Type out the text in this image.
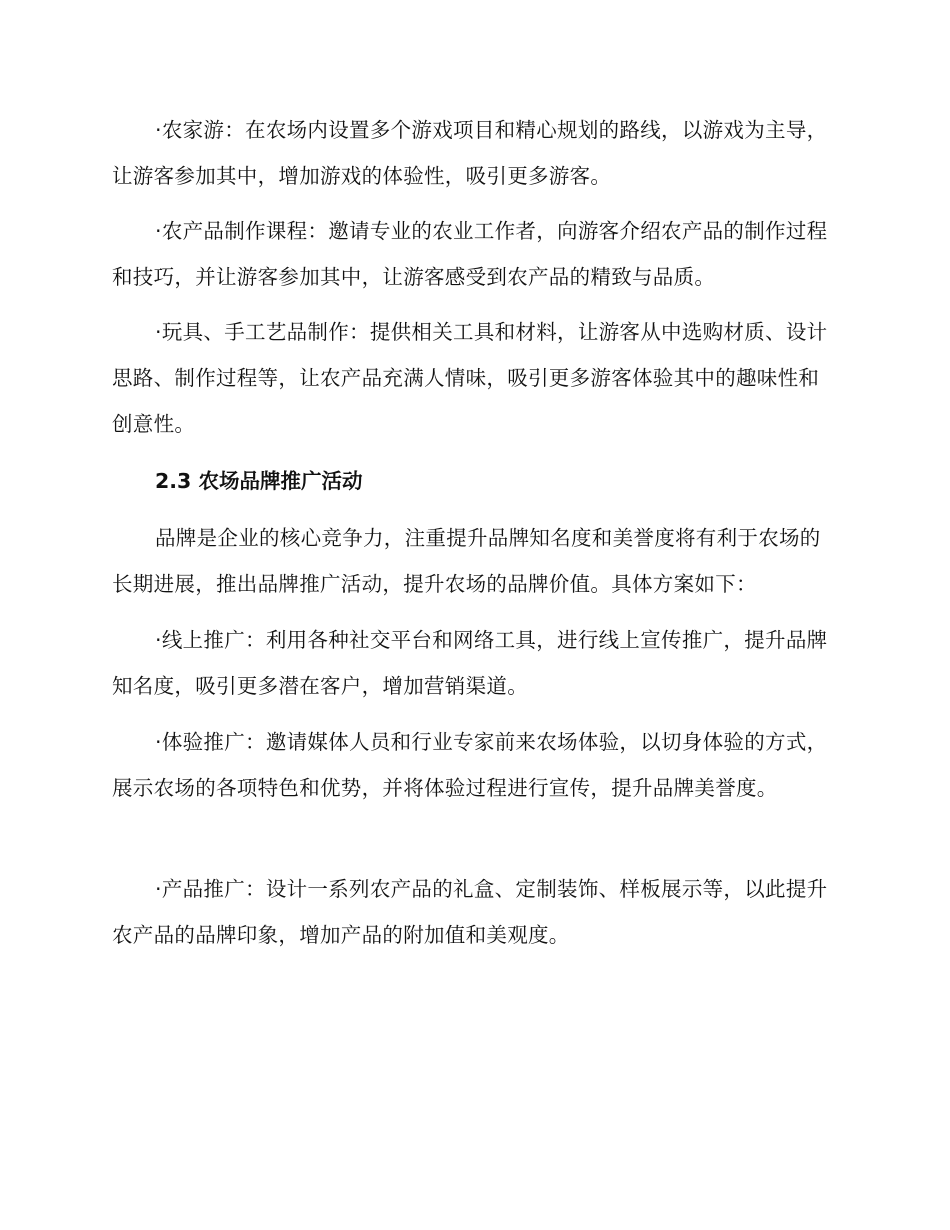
·农家游：在农场内设置多个游戏项目和精心规划的路线，以游戏为主导，让游客参加其中，增加游戏的体验性，吸引更多游客。

·农产品制作课程：邀请专业的农业工作者，向游客介绍农产品的制作过程和技巧，并让游客参加其中，让游客感受到农产品的精致与品质。

·玩具、手工艺品制作：提供相关工具和材料，让游客从中选购材质、设计思路、制作过程等，让农产品充满人情味，吸引更多游客体验其中的趣味性和创意性。

2.3 农场品牌推广活动

品牌是企业的核心竞争力，注重提升品牌知名度和美誉度将有利于农场的长期进展，推出品牌推广活动，提升农场的品牌价值。具体方案如下：

·线上推广：利用各种社交平台和网络工具，进行线上宣传推广，提升品牌知名度，吸引更多潜在客户，增加营销渠道。

·体验推广：邀请媒体人员和行业专家前来农场体验，以切身体验的方式，展示农场的各项特色和优势，并将体验过程进行宣传，提升品牌美誉度。

·产品推广：设计一系列农产品的礼盒、定制装饰、样板展示等，以此提升农产品的品牌印象，增加产品的附加值和美观度。
